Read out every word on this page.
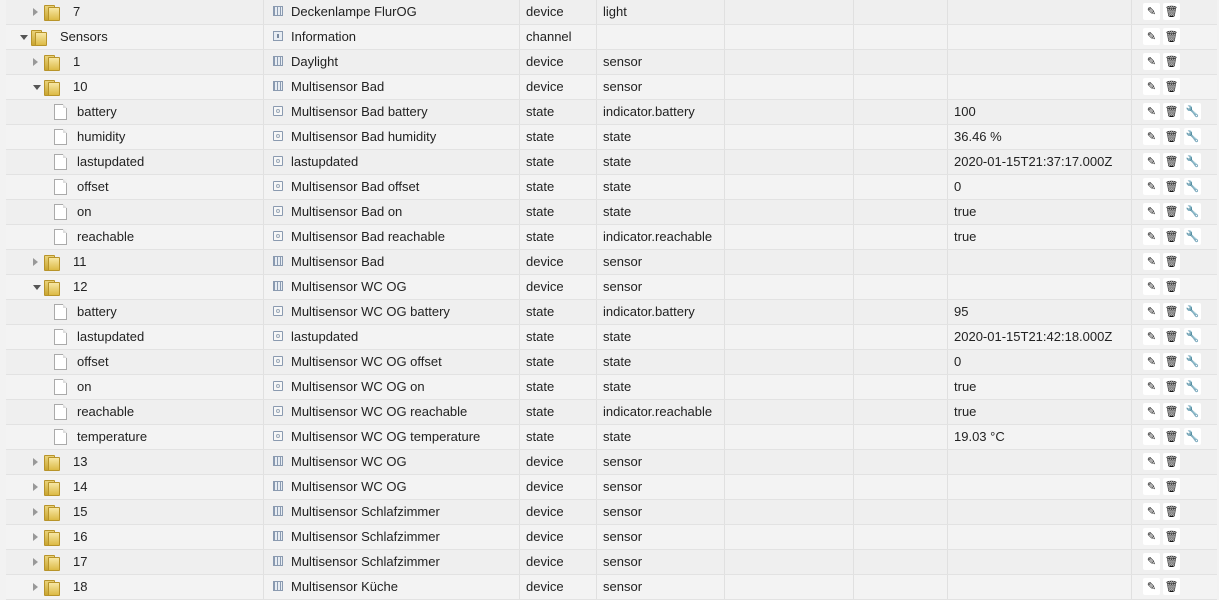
7	Deckenlampe FlurOG	device	light	✎ 🗑
Sensors	Information	channel	✎ 🗑
1	Daylight	device	sensor	✎ 🗑
10	Multisensor Bad	device	sensor	✎ 🗑
battery	Multisensor Bad battery	state	indicator.battery	100	✎ 🗑 🔧
humidity	Multisensor Bad humidity	state	state	36.46 %	✎ 🗑 🔧
lastupdated	lastupdated	state	state	2020-01-15T21:37:17.000Z	✎ 🗑 🔧
offset	Multisensor Bad offset	state	state	0	✎ 🗑 🔧
on	Multisensor Bad on	state	state	true	✎ 🗑 🔧
reachable	Multisensor Bad reachable	state	indicator.reachable	true	✎ 🗑 🔧
11	Multisensor Bad	device	sensor	✎ 🗑
12	Multisensor WC OG	device	sensor	✎ 🗑
battery	Multisensor WC OG battery	state	indicator.battery	95	✎ 🗑 🔧
lastupdated	lastupdated	state	state	2020-01-15T21:42:18.000Z	✎ 🗑 🔧
offset	Multisensor WC OG offset	state	state	0	✎ 🗑 🔧
on	Multisensor WC OG on	state	state	true	✎ 🗑 🔧
reachable	Multisensor WC OG reachable	state	indicator.reachable	true	✎ 🗑 🔧
temperature	Multisensor WC OG temperature	state	state	19.03 °C	✎ 🗑 🔧
13	Multisensor WC OG	device	sensor	✎ 🗑
14	Multisensor WC OG	device	sensor	✎ 🗑
15	Multisensor Schlafzimmer	device	sensor	✎ 🗑
16	Multisensor Schlafzimmer	device	sensor	✎ 🗑
17	Multisensor Schlafzimmer	device	sensor	✎ 🗑
18	Multisensor Küche	device	sensor	✎ 🗑
